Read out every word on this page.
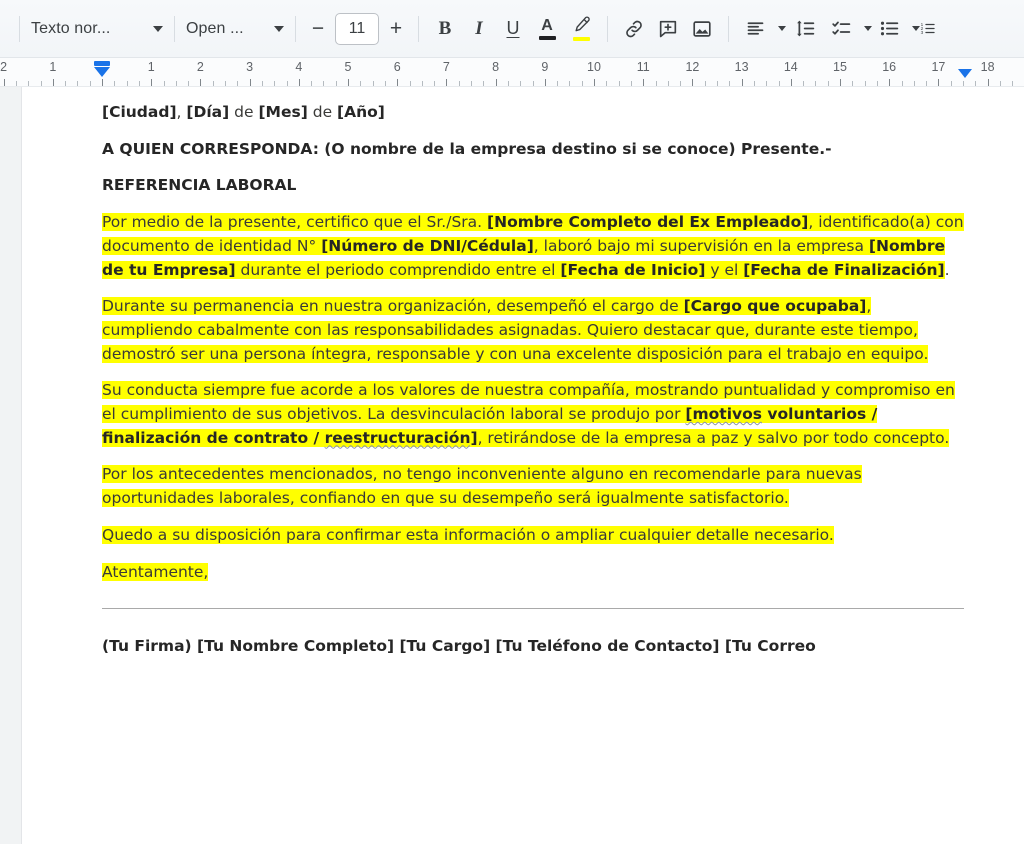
Texto nor...	Open ...	−	11	+	B I U A	1
2
3
2	1	1	2	3	4	5	6	7	8	9	10	11	12	13	14	15	16	17	18

[Ciudad], [Día] de [Mes] de [Año]

A QUIEN CORRESPONDA: (O nombre de la empresa destino si se conoce) Presente.-

REFERENCIA LABORAL

Por medio de la presente, certifico que el Sr./Sra. [Nombre Completo del Ex Empleado], identificado(a) con documento de identidad N° [Número de DNI/Cédula], laboró bajo mi supervisión en la empresa [Nombre de tu Empresa] durante el periodo comprendido entre el [Fecha de Inicio] y el [Fecha de Finalización].

Durante su permanencia en nuestra organización, desempeñó el cargo de [Cargo que ocupaba], cumpliendo cabalmente con las responsabilidades asignadas. Quiero destacar que, durante este tiempo, demostró ser una persona íntegra, responsable y con una excelente disposición para el trabajo en equipo.

Su conducta siempre fue acorde a los valores de nuestra compañía, mostrando puntualidad y compromiso en el cumplimiento de sus objetivos. La desvinculación laboral se produjo por [motivos voluntarios / finalización de contrato / reestructuración], retirándose de la empresa a paz y salvo por todo concepto.

Por los antecedentes mencionados, no tengo inconveniente alguno en recomendarle para nuevas oportunidades laborales, confiando en que su desempeño será igualmente satisfactorio.

Quedo a su disposición para confirmar esta información o ampliar cualquier detalle necesario.

Atentamente,

(Tu Firma) [Tu Nombre Completo] [Tu Cargo] [Tu Teléfono de Contacto] [Tu Correo
